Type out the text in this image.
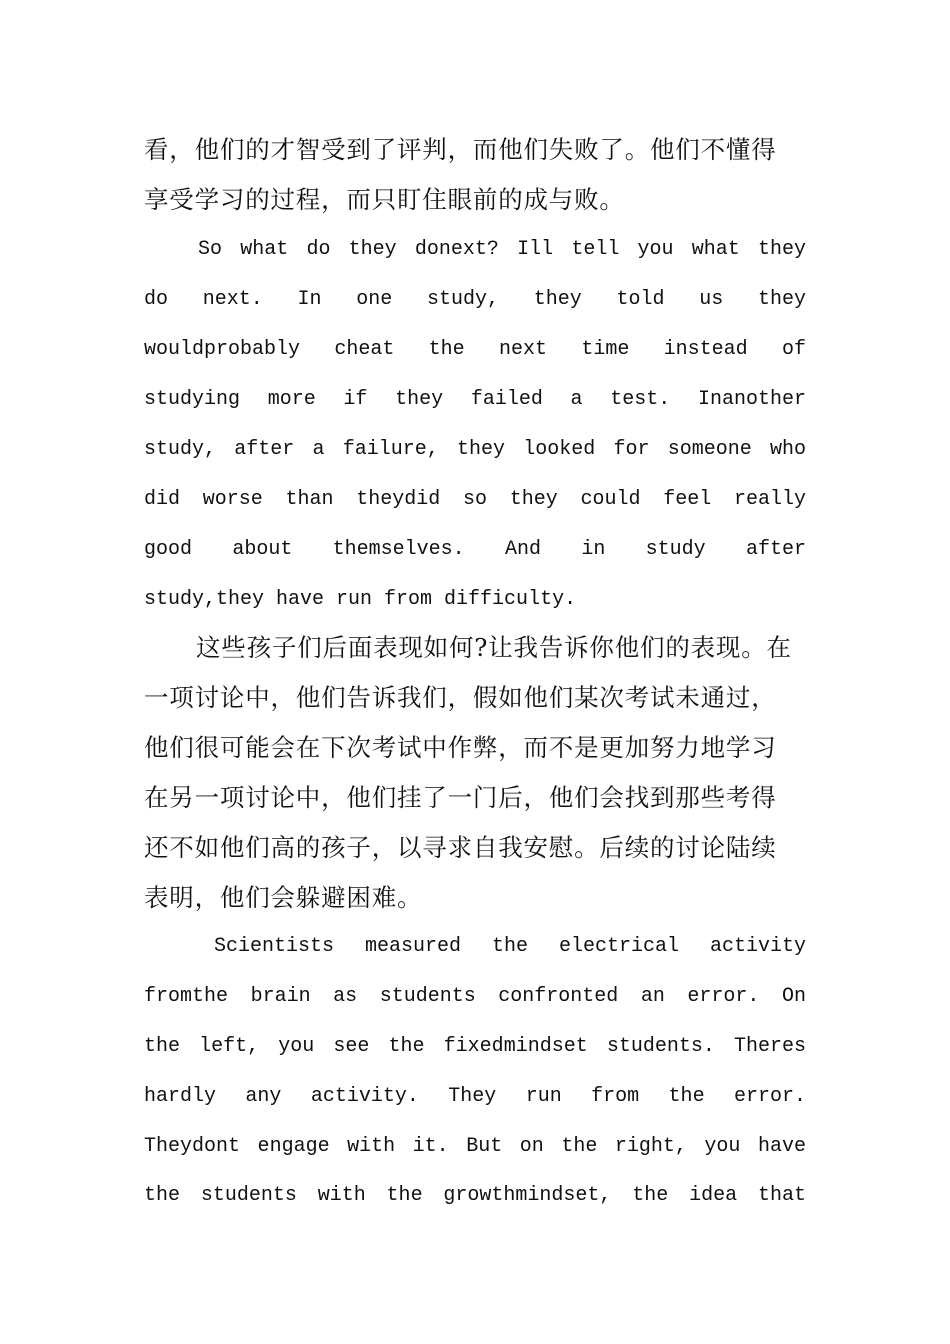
看，他们的才智受到了评判，而他们失败了。他们不懂得
享受学习的过程，而只盯住眼前的成与败。
So what do they donext? Ill tell you what they
do next. In one study, they told us they
wouldprobably cheat the next time instead of
studying more if they failed a test. Inanother
study, after a failure, they looked for someone who
did worse than theydid so they could feel really
good about themselves. And in study after
study,they have run from difficulty.
这些孩子们后面表现如何?让我告诉你他们的表现。在
一项讨论中，他们告诉我们，假如他们某次考试未通过，
他们很可能会在下次考试中作弊，而不是更加努力地学习
在另一项讨论中，他们挂了一门后，他们会找到那些考得
还不如他们高的孩子，以寻求自我安慰。后续的讨论陆续
表明，他们会躲避困难。
Scientists measured the electrical activity
fromthe brain as students confronted an error. On
the left, you see the fixedmindset students. Theres
hardly any activity. They run from the error.
Theydont engage with it. But on the right, you have
the students with the growthmindset, the idea that
